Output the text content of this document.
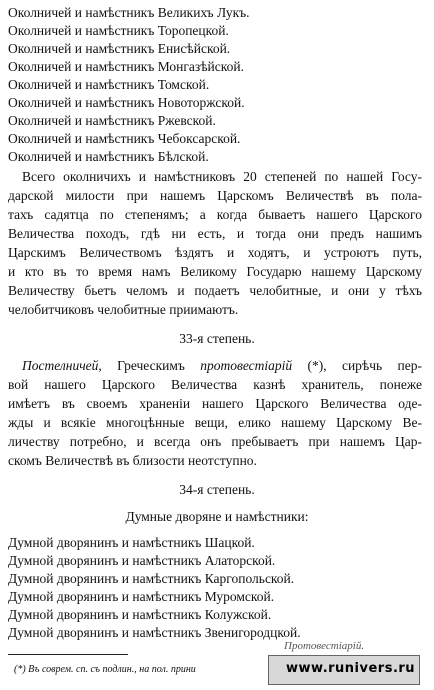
Околничей и намѣстникъ Великихъ Лукъ.
Околничей и намѣстникъ Торопецкой.
Околничей и намѣстникъ Енисѣйской.
Околничей и намѣстникъ Монгазѣйской.
Околничей и намѣстникъ Томской.
Околничей и намѣстникъ Новоторжской.
Околничей и намѣстникъ Ржевской.
Околничей и намѣстникъ Чебоксарской.
Околничей и намѣстникъ Бѣлской.
Всего околничихъ и намѣстниковъ 20 степеней по нашей Госу-
дарской милости при нашемъ Царскомъ Величествѣ въ пола-
тахъ садятца по степенямъ; а когда бываетъ нашего Царского
Величества походъ, гдѣ ни есть, и тогда они предъ нашимъ
Царскимъ Величествомъ ѣздятъ и ходятъ, и устроютъ путь,
и кто въ то время намъ Великому Государю нашему Царскому
Величеству бьетъ челомъ и подаетъ челобитные, и они у тѣхъ
челобитчиковъ челобитные приимаютъ.
33-я степень.
Постелничей, Греческимъ протовестіарій (*), сирѣчь пер-
вой нашего Царского Величества казнѣ хранитель, понеже
имѣетъ въ своемъ храненіи нашего Царского Величества оде-
жды и всякіе многоцѣнные вещи, елико нашему Царскому Ве-
личеству потребно, и всегда онъ пребываетъ при нашемъ Цар-
скомъ Величествѣ въ близости неотступно.
34-я степень.
Думные дворяне и намѣстники:
Думной дворянинъ и намѣстникъ Шацкой.
Думной дворянинъ и намѣстникъ Алаторской.
Думной дворянинъ и намѣстникъ Каргопольской.
Думной дворянинъ и намѣстникъ Муромской.
Думной дворянинъ и намѣстникъ Колужской.
Думной дворянинъ и намѣстникъ Звенигородцкой.
(*) Въ соврем. сп. съ подлин., на пол. прини
Протовестіарій.
www.runivers.ru
